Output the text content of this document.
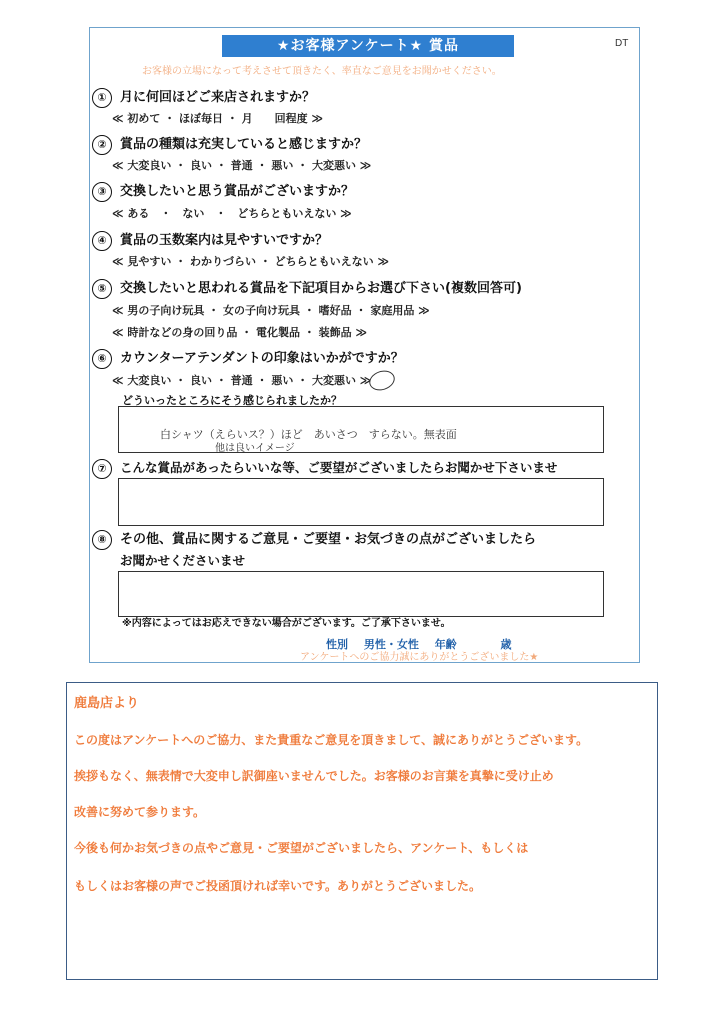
★お客様アンケート★ 賞品	DT
お客様の立場になって考えさせて頂きたく、率直なご意見をお聞かせください。
① 月に何回ほどご来店されますか？
≪ 初めて ・ ほぼ毎日 ・ 月　　回程度 ≫
② 賞品の種類は充実していると感じますか？
≪ 大変良い ・ 良い ・ 普通 ・ 悪い ・ 大変悪い ≫
③ 交換したいと思う賞品がございますか？
≪ ある　・　ない　・　どちらともいえない ≫
④ 賞品の玉数案内は見やすいですか？
≪ 見やすい ・ わかりづらい ・ どちらともいえない ≫
⑤ 交換したいと思われる賞品を下記項目からお選び下さい(複数回答可)
≪ 男の子向け玩具 ・ 女の子向け玩具 ・ 嗜好品 ・ 家庭用品 ≫
≪ 時計などの身の回り品 ・ 電化製品 ・ 装飾品 ≫
⑥ カウンターアテンダントの印象はいかがですか？
≪ 大変良い ・ 良い ・ 普通 ・ 悪い ・ 大変悪い ≫
どういったところにそう感じられましたか？
白シャツ（えらいス？）ほど　あいさつ　すらない。無表面
他は良いイメージ
⑦ こんな賞品があったらいいな等、ご要望がございましたらお聞かせ下さいませ
⑧ その他、賞品に関するご意見・ご要望・お気づきの点がございましたら
お聞かせくださいませ
※内容によってはお応えできない場合がございます。ご了承下さいませ。
性別 男性・女性 年齢	歳
アンケートへのご協力誠にありがとうございました★
鹿島店より
この度はアンケートへのご協力、また貴重なご意見を頂きまして、誠にありがとうございます。
挨拶もなく、無表情で大変申し訳御座いませんでした。お客様のお言葉を真摯に受け止め
改善に努めて参ります。
今後も何かお気づきの点やご意見・ご要望がございましたら、アンケート、もしくは
もしくはお客様の声でご投函頂ければ幸いです。ありがとうございました。
